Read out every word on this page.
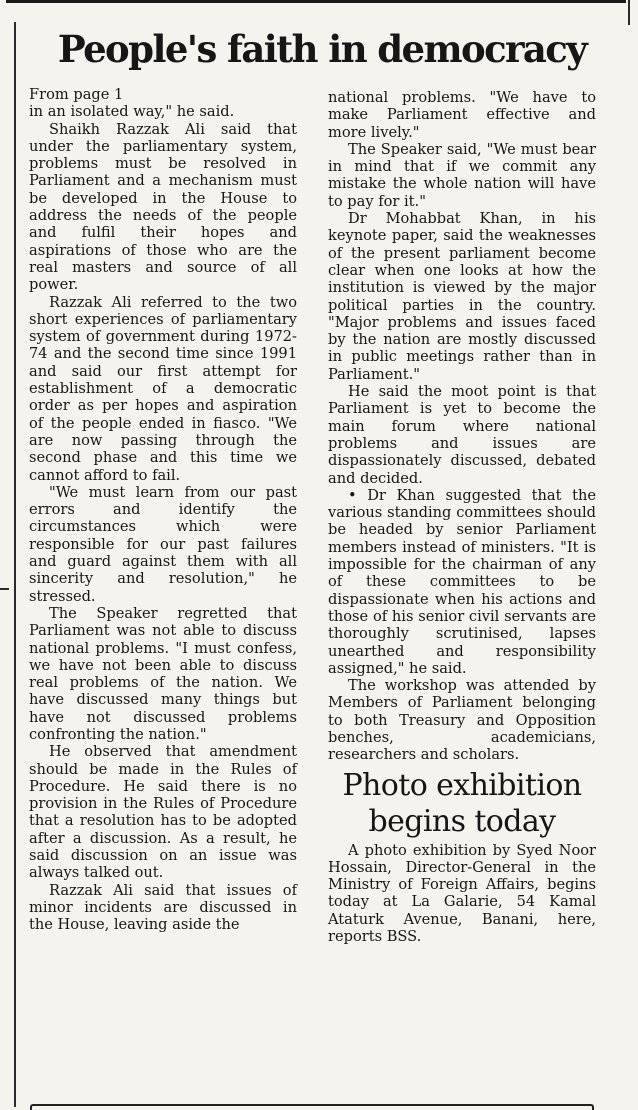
People's faith in democracy

From page 1

in an isolated way," he said.

Shaikh Razzak Ali said that under the parliamentary system, problems must be resolved in Parliament and a mechanism must be developed in the House to address the needs of the people and fulfil their hopes and aspirations of those who are the real masters and source of all power.

Razzak Ali referred to the two short experiences of parliamentary system of government during 1972-74 and the second time since 1991 and said our first attempt for establishment of a democratic order as per hopes and aspiration of the people ended in fiasco. "We are now passing through the second phase and this time we cannot afford to fail.

"We must learn from our past errors and identify the circumstances which were responsible for our past failures and guard against them with all sincerity and resolution," he stressed.

The Speaker regretted that Parliament was not able to discuss national problems. "I must confess, we have not been able to discuss real problems of the nation. We have discussed many things but have not discussed problems confronting the nation."

He observed that amendment should be made in the Rules of Procedure. He said there is no provision in the Rules of Procedure that a resolution has to be adopted after a discussion. As a result, he said discussion on an issue was always talked out.

Razzak Ali said that issues of minor incidents are discussed in the House, leaving aside the

national problems. "We have to make Parliament effective and more lively."

The Speaker said, "We must bear in mind that if we commit any mistake the whole nation will have to pay for it."

Dr Mohabbat Khan, in his keynote paper, said the weaknesses of the present parliament become clear when one looks at how the institution is viewed by the major political parties in the country. "Major problems and issues faced by the nation are mostly discussed in public meetings rather than in Parliament."

He said the moot point is that Parliament is yet to become the main forum where national problems and issues are dispassionately discussed, debated and decided.

• Dr Khan suggested that the various standing committees should be headed by senior Parliament members instead of ministers. "It is impossible for the chairman of any of these committees to be dispassionate when his actions and those of his senior civil servants are thoroughly scrutinised, lapses unearthed and responsibility assigned," he said.

The workshop was attended by Members of Parliament belonging to both Treasury and Opposition benches, academicians, researchers and scholars.

Photo exhibition begins today

A photo exhibition by Syed Noor Hossain, Director-General in the Ministry of Foreign Affairs, begins today at La Galarie, 54 Kamal Ataturk Avenue, Banani, here, reports BSS.
